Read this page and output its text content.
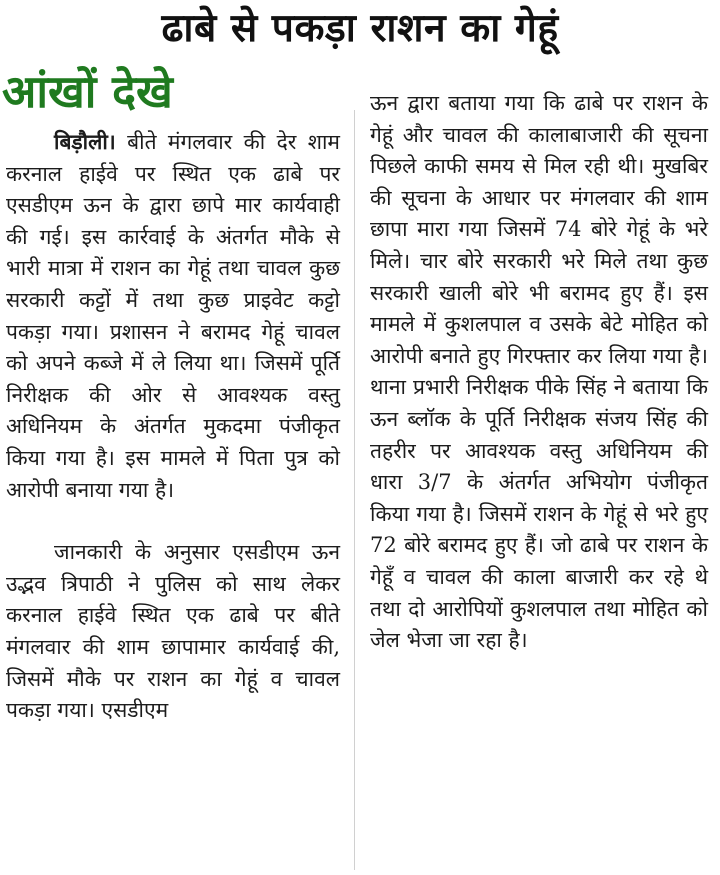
ढाबे से पकड़ा राशन का गेहूं
आंखों देखे

बिड़ौली। बीते मंगलवार की देर शाम करनाल हाईवे पर स्थित एक ढाबे पर एसडीएम ऊन के द्वारा छापे मार कार्यवाही की गई। इस कार्रवाई के अंतर्गत मौके से भारी मात्रा में राशन का गेहूं तथा चावल कुछ सरकारी कट्टों में तथा कुछ प्राइवेट कट्टो पकड़ा गया। प्रशासन ने बरामद गेहूं चावल को अपने कब्जे में ले लिया था। जिसमें पूर्ति निरीक्षक की ओर से आवश्यक वस्तु अधिनियम के अंतर्गत मुकदमा पंजीकृत किया गया है। इस मामले में पिता पुत्र को आरोपी बनाया गया है।

जानकारी के अनुसार एसडीएम ऊन उद्भव त्रिपाठी ने पुलिस को साथ लेकर करनाल हाईवे स्थित एक ढाबे पर बीते मंगलवार की शाम छापामार कार्यवाई की, जिसमें मौके पर राशन का गेहूं व चावल पकड़ा गया। एसडीएम

ऊन द्वारा बताया गया कि ढाबे पर राशन के गेहूं और चावल की कालाबाजारी की सूचना पिछले काफी समय से मिल रही थी। मुखबिर की सूचना के आधार पर मंगलवार की शाम छापा मारा गया जिसमें 74 बोरे गेहूं के भरे मिले। चार बोरे सरकारी भरे मिले तथा कुछ सरकारी खाली बोरे भी बरामद हुए हैं। इस मामले में कुशलपाल व उसके बेटे मोहित को आरोपी बनाते हुए गिरफ्तार कर लिया गया है। थाना प्रभारी निरीक्षक पीके सिंह ने बताया कि ऊन ब्लॉक के पूर्ति निरीक्षक संजय सिंह की तहरीर पर आवश्यक वस्तु अधिनियम की धारा 3/7 के अंतर्गत अभियोग पंजीकृत किया गया है। जिसमें राशन के गेहूं से भरे हुए 72 बोरे बरामद हुए हैं। जो ढाबे पर राशन के गेहूँ व चावल की काला बाजारी कर रहे थे तथा दो आरोपियों कुशलपाल तथा मोहित को जेल भेजा जा रहा है।
